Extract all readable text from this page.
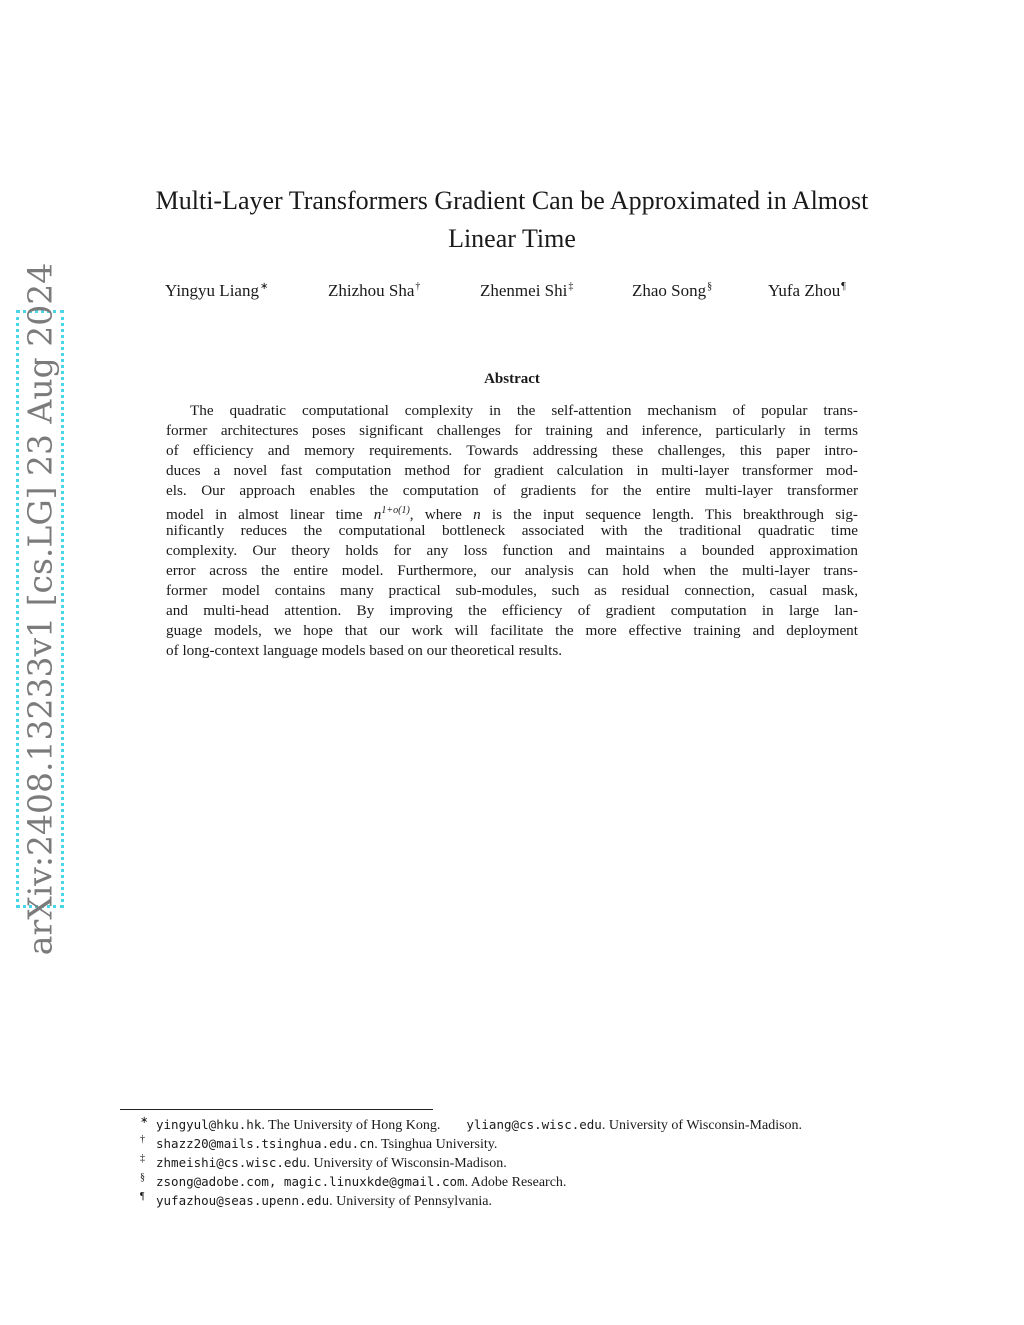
arXiv:2408.13233v1 [cs.LG] 23 Aug 2024
Multi-Layer Transformers Gradient Can be Approximated in Almost Linear Time
Yingyu Liang∗	Zhizhou Sha†	Zhenmei Shi‡	Zhao Song§	Yufa Zhou¶
Abstract
The quadratic computational complexity in the self-attention mechanism of popular trans-
former architectures poses significant challenges for training and inference, particularly in terms
of efficiency and memory requirements. Towards addressing these challenges, this paper intro-
duces a novel fast computation method for gradient calculation in multi-layer transformer mod-
els. Our approach enables the computation of gradients for the entire multi-layer transformer
model in almost linear time $n^{1+o(1)}$, where n is the input sequence length. This breakthrough sig-
nificantly reduces the computational bottleneck associated with the traditional quadratic time
complexity. Our theory holds for any loss function and maintains a bounded approximation
error across the entire model. Furthermore, our analysis can hold when the multi-layer trans-
former model contains many practical sub-modules, such as residual connection, casual mask,
and multi-head attention. By improving the efficiency of gradient computation in large lan-
guage models, we hope that our work will facilitate the more effective training and deployment
of long-context language models based on our theoretical results.
∗ yingyul@hku.hk. The University of Hong Kong. yliang@cs.wisc.edu. University of Wisconsin-Madison.
† shazz20@mails.tsinghua.edu.cn. Tsinghua University.
‡ zhmeishi@cs.wisc.edu. University of Wisconsin-Madison.
§ zsong@adobe.com, magic.linuxkde@gmail.com. Adobe Research.
¶ yufazhou@seas.upenn.edu. University of Pennsylvania.
